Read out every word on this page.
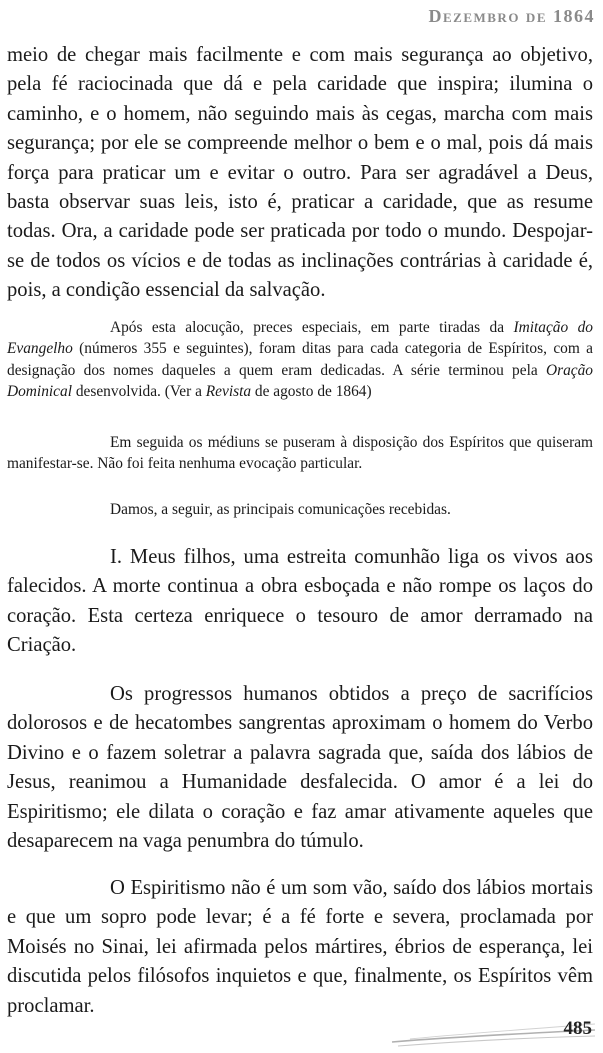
Dezembro de 1864

meio de chegar mais facilmente e com mais segurança ao objetivo, pela fé raciocinada que dá e pela caridade que inspira; ilumina o caminho, e o homem, não seguindo mais às cegas, marcha com mais segurança; por ele se compreende melhor o bem e o mal, pois dá mais força para praticar um e evitar o outro. Para ser agradável a Deus, basta observar suas leis, isto é, praticar a caridade, que as resume todas. Ora, a caridade pode ser praticada por todo o mundo. Despojar-se de todos os vícios e de todas as inclinações contrárias à caridade é, pois, a condição essencial da salvação.

Após esta alocução, preces especiais, em parte tiradas da Imitação do Evangelho (números 355 e seguintes), foram ditas para cada categoria de Espíritos, com a designação dos nomes daqueles a quem eram dedicadas. A série terminou pela Oração Dominical desenvolvida. (Ver a Revista de agosto de 1864)

Em seguida os médiuns se puseram à disposição dos Espíritos que quiseram manifestar-se. Não foi feita nenhuma evocação particular.

Damos, a seguir, as principais comunicações recebidas.

I. Meus filhos, uma estreita comunhão liga os vivos aos falecidos. A morte continua a obra esboçada e não rompe os laços do coração. Esta certeza enriquece o tesouro de amor derramado na Criação.

Os progressos humanos obtidos a preço de sacrifícios dolorosos e de hecatombes sangrentas aproximam o homem do Verbo Divino e o fazem soletrar a palavra sagrada que, saída dos lábios de Jesus, reanimou a Humanidade desfalecida. O amor é a lei do Espiritismo; ele dilata o coração e faz amar ativamente aqueles que desaparecem na vaga penumbra do túmulo.

O Espiritismo não é um som vão, saído dos lábios mortais e que um sopro pode levar; é a fé forte e severa, proclamada por Moisés no Sinai, lei afirmada pelos mártires, ébrios de esperança, lei discutida pelos filósofos inquietos e que, finalmente, os Espíritos vêm proclamar.

485
